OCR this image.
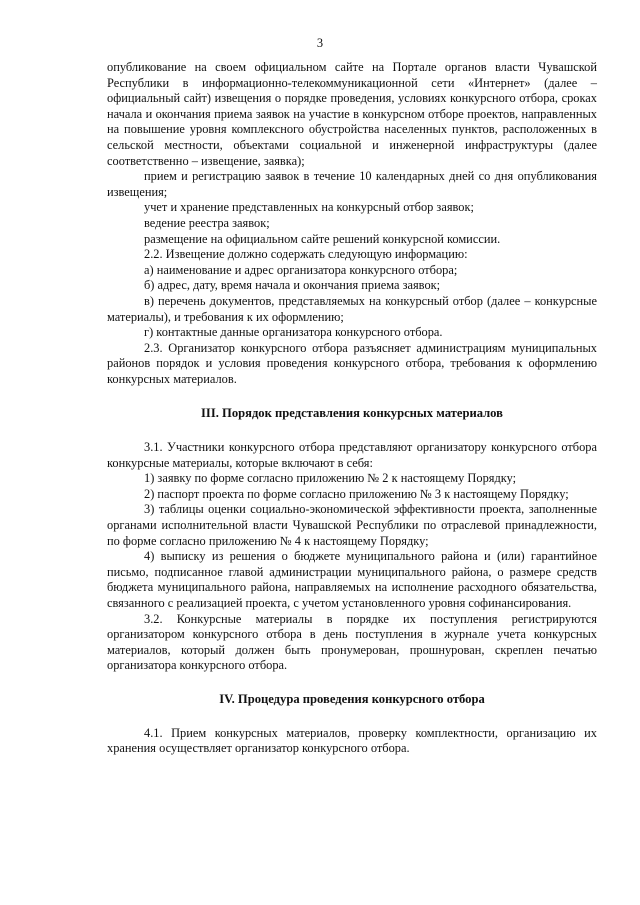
3

опубликование на своем официальном сайте на Портале органов власти Чувашской Республики в информационно-телекоммуникационной сети «Интернет» (далее – официальный сайт) извещения о порядке проведения, условиях конкурсного отбора, сроках начала и окончания приема заявок на участие в конкурсном отборе проектов, направленных на повышение уровня комплексного обустройства населенных пунктов, расположенных в сельской местности, объектами социальной и инженерной инфраструктуры (далее соответственно – извещение, заявка);

прием и регистрацию заявок в течение 10 календарных дней со дня опубликования извещения;

учет и хранение представленных на конкурсный отбор заявок;

ведение реестра заявок;

размещение на официальном сайте решений конкурсной комиссии.

2.2. Извещение должно содержать следующую информацию:

а) наименование и адрес организатора конкурсного отбора;

б) адрес, дату, время начала и окончания приема заявок;

в) перечень документов, представляемых на конкурсный отбор (далее – конкурсные материалы), и требования к их оформлению;

г) контактные данные организатора конкурсного отбора.

2.3. Организатор конкурсного отбора разъясняет администрациям муниципальных районов порядок и условия проведения конкурсного отбора, требования к оформлению конкурсных материалов.

III. Порядок представления конкурсных материалов

3.1. Участники конкурсного отбора представляют организатору конкурсного отбора конкурсные материалы, которые включают в себя:

1) заявку по форме согласно приложению № 2 к настоящему Порядку;

2) паспорт проекта по форме согласно приложению № 3 к настоящему Порядку;

3) таблицы оценки социально-экономической эффективности проекта, заполненные органами исполнительной власти Чувашской Республики по отраслевой принадлежности, по форме согласно приложению № 4 к настоящему Порядку;

4) выписку из решения о бюджете муниципального района и (или) гарантийное письмо, подписанное главой администрации муниципального района, о размере средств бюджета муниципального района, направляемых на исполнение расходного обязательства, связанного с реализацией проекта, с учетом установленного уровня софинансирования.

3.2. Конкурсные материалы в порядке их поступления регистрируются организатором конкурсного отбора в день поступления в журнале учета конкурсных материалов, который должен быть пронумерован, прошнурован, скреплен печатью организатора конкурсного отбора.

IV. Процедура проведения конкурсного отбора

4.1. Прием конкурсных материалов, проверку комплектности, организацию их хранения осуществляет организатор конкурсного отбора.
